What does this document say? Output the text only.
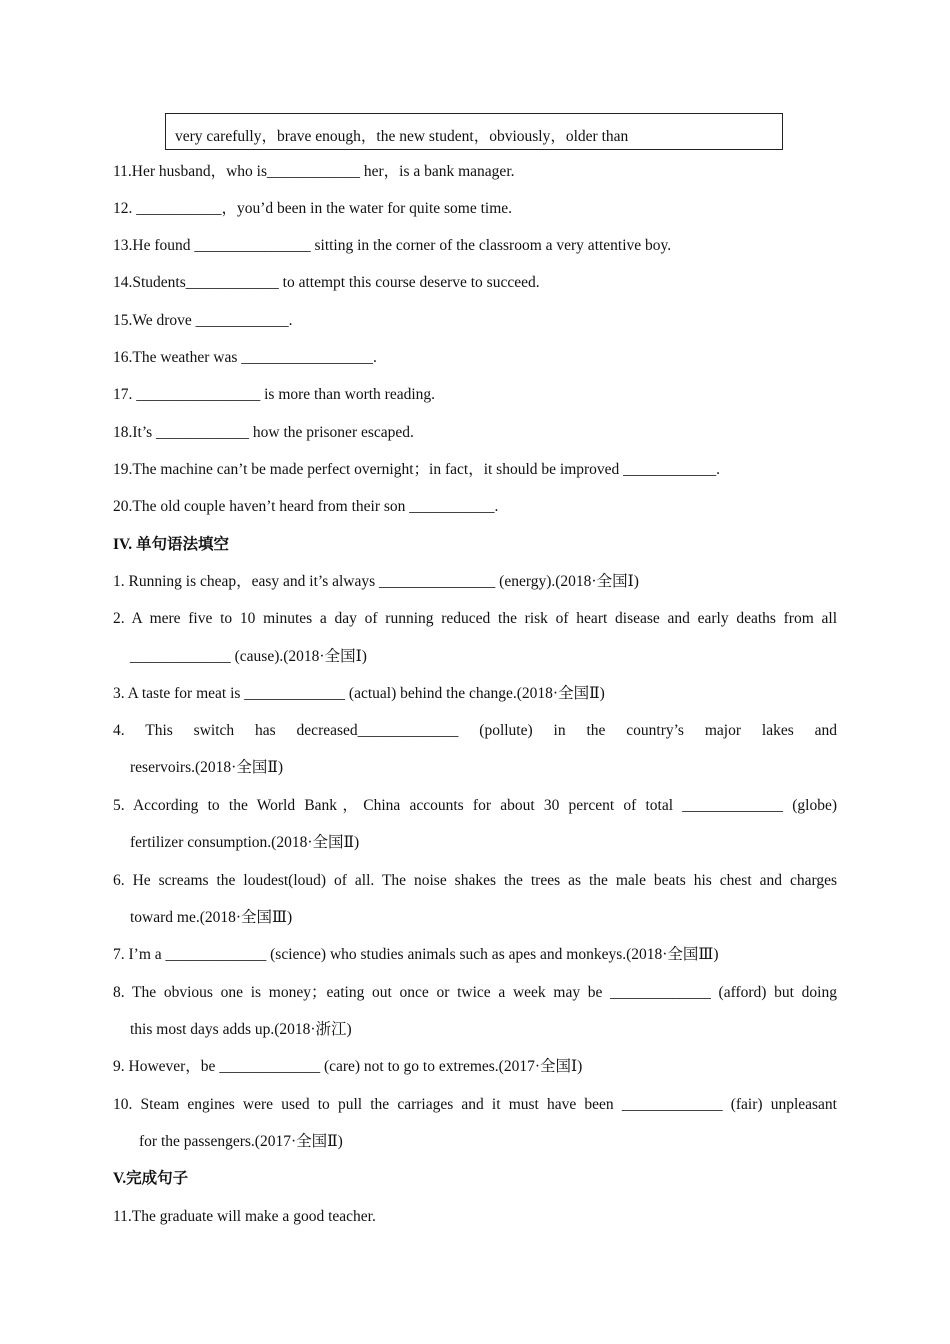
very carefully，brave enough，the new student，obviously，older than
11.Her husband，who is____________ her，is a bank manager.
12. ___________，you’d been in the water for quite some time.
13.He found _______________ sitting in the corner of the classroom a very attentive boy.
14.Students____________ to attempt this course deserve to succeed.
15.We drove ____________.
16.The weather was _________________.
17. ________________ is more than worth reading.
18.It’s ____________ how the prisoner escaped.
19.The machine can’t be made perfect overnight；in fact，it should be improved ____________.
20.The old couple haven’t heard from their son ___________.
IV. 单句语法填空
1. Running is cheap，easy and it’s always _______________ (energy).(2018·全国Ⅰ)
2. A mere five to 10 minutes a day of running reduced the risk of heart disease and early deaths from all
_____________ (cause).(2018·全国Ⅰ)
3. A taste for meat is _____________ (actual) behind the change.(2018·全国Ⅱ)
4. This switch has decreased_____________ (pollute) in the country’s major lakes and
reservoirs.(2018·全国Ⅱ)
5. According to the World Bank，China accounts for about 30 percent of total _____________ (globe)
fertilizer consumption.(2018·全国Ⅱ)
6. He screams the loudest(loud) of all. The noise shakes the trees as the male beats his chest and charges
toward me.(2018·全国Ⅲ)
7. I’m a _____________ (science) who studies animals such as apes and monkeys.(2018·全国Ⅲ)
8. The obvious one is money；eating out once or twice a week may be _____________ (afford) but doing
this most days adds up.(2018·浙江)
9. However，be _____________ (care) not to go to extremes.(2017·全国Ⅰ)
10. Steam engines were used to pull the carriages and it must have been _____________ (fair) unpleasant
for the passengers.(2017·全国Ⅱ)
V.完成句子
11.The graduate will make a good teacher.
